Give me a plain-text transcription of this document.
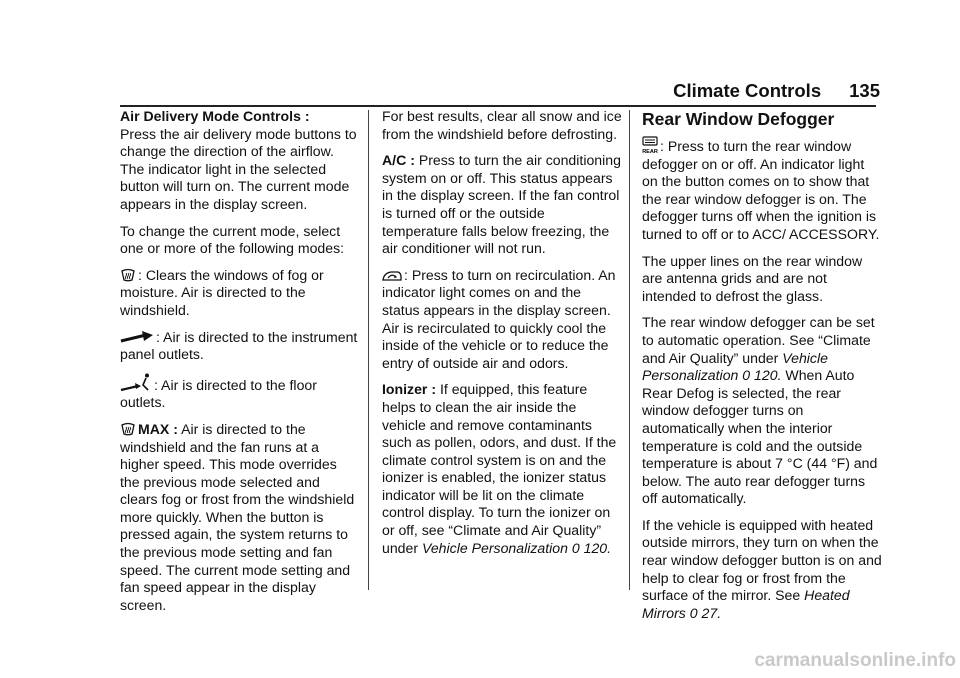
Climate Controls 135

Air Delivery Mode Controls :
Press the air delivery mode buttons to change the direction of the airflow. The indicator light in the selected button will turn on. The current mode appears in the display screen.

To change the current mode, select one or more of the following modes:

: Clears the windows of fog or moisture. Air is directed to the windshield.

: Air is directed to the instrument panel outlets.

: Air is directed to the floor outlets.

MAX : Air is directed to the windshield and the fan runs at a higher speed. This mode overrides the previous mode selected and clears fog or frost from the windshield more quickly. When the button is pressed again, the system returns to the previous mode setting and fan speed. The current mode setting and fan speed appear in the display screen.

For best results, clear all snow and ice from the windshield before defrosting.

A/C : Press to turn the air conditioning system on or off. This status appears in the display screen. If the fan control is turned off or the outside temperature falls below freezing, the air conditioner will not run.

: Press to turn on recirculation. An indicator light comes on and the status appears in the display screen. Air is recirculated to quickly cool the inside of the vehicle or to reduce the entry of outside air and odors.

Ionizer : If equipped, this feature helps to clean the air inside the vehicle and remove contaminants such as pollen, odors, and dust. If the climate control system is on and the ionizer is enabled, the ionizer status indicator will be lit on the climate control display. To turn the ionizer on or off, see “Climate and Air Quality” under Vehicle Personalization 0 120.

Rear Window Defogger

REAR : Press to turn the rear window defogger on or off. An indicator light on the button comes on to show that the rear window defogger is on. The defogger turns off when the ignition is turned to off or to ACC/ ACCESSORY.

The upper lines on the rear window are antenna grids and are not intended to defrost the glass.

The rear window defogger can be set to automatic operation. See “Climate and Air Quality” under Vehicle Personalization 0 120. When Auto Rear Defog is selected, the rear window defogger turns on automatically when the interior temperature is cold and the outside temperature is about 7 °C (44 °F) and below. The auto rear defogger turns off automatically.

If the vehicle is equipped with heated outside mirrors, they turn on when the rear window defogger button is on and help to clear fog or frost from the surface of the mirror. See Heated Mirrors 0 27.

carmanualsonline.info
